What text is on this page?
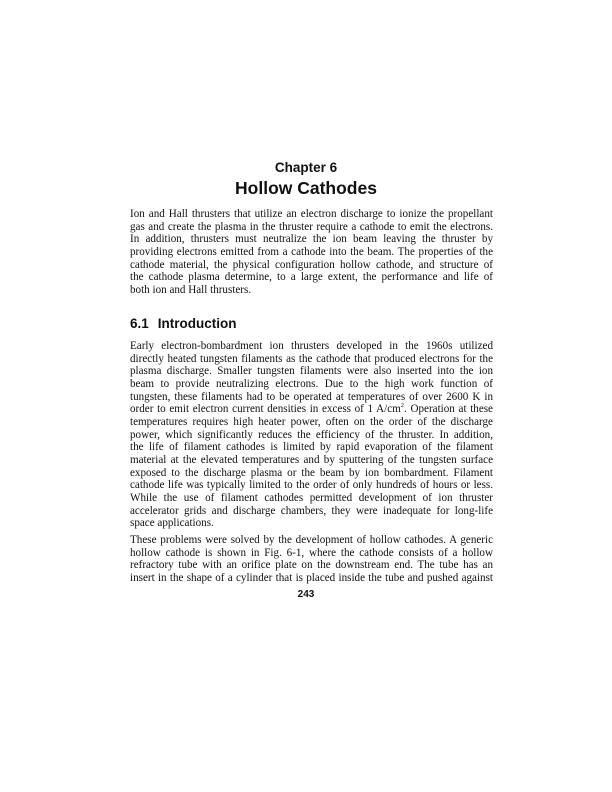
Chapter 6
Hollow Cathodes
Ion and Hall thrusters that utilize an electron discharge to ionize the propellant
gas and create the plasma in the thruster require a cathode to emit the electrons.
In addition, thrusters must neutralize the ion beam leaving the thruster by
providing electrons emitted from a cathode into the beam. The properties of the
cathode material, the physical configuration hollow cathode, and structure of
the cathode plasma determine, to a large extent, the performance and life of
both ion and Hall thrusters.
6.1 Introduction
Early electron-bombardment ion thrusters developed in the 1960s utilized
directly heated tungsten filaments as the cathode that produced electrons for the
plasma discharge. Smaller tungsten filaments were also inserted into the ion
beam to provide neutralizing electrons. Due to the high work function of
tungsten, these filaments had to be operated at temperatures of over 2600 K in
order to emit electron current densities in excess of 1 $A/cm^2$. Operation at these
temperatures requires high heater power, often on the order of the discharge
power, which significantly reduces the efficiency of the thruster. In addition,
the life of filament cathodes is limited by rapid evaporation of the filament
material at the elevated temperatures and by sputtering of the tungsten surface
exposed to the discharge plasma or the beam by ion bombardment. Filament
cathode life was typically limited to the order of only hundreds of hours or less.
While the use of filament cathodes permitted development of ion thruster
accelerator grids and discharge chambers, they were inadequate for long-life
space applications.
These problems were solved by the development of hollow cathodes. A generic
hollow cathode is shown in Fig. 6-1, where the cathode consists of a hollow
refractory tube with an orifice plate on the downstream end. The tube has an
insert in the shape of a cylinder that is placed inside the tube and pushed against
243
